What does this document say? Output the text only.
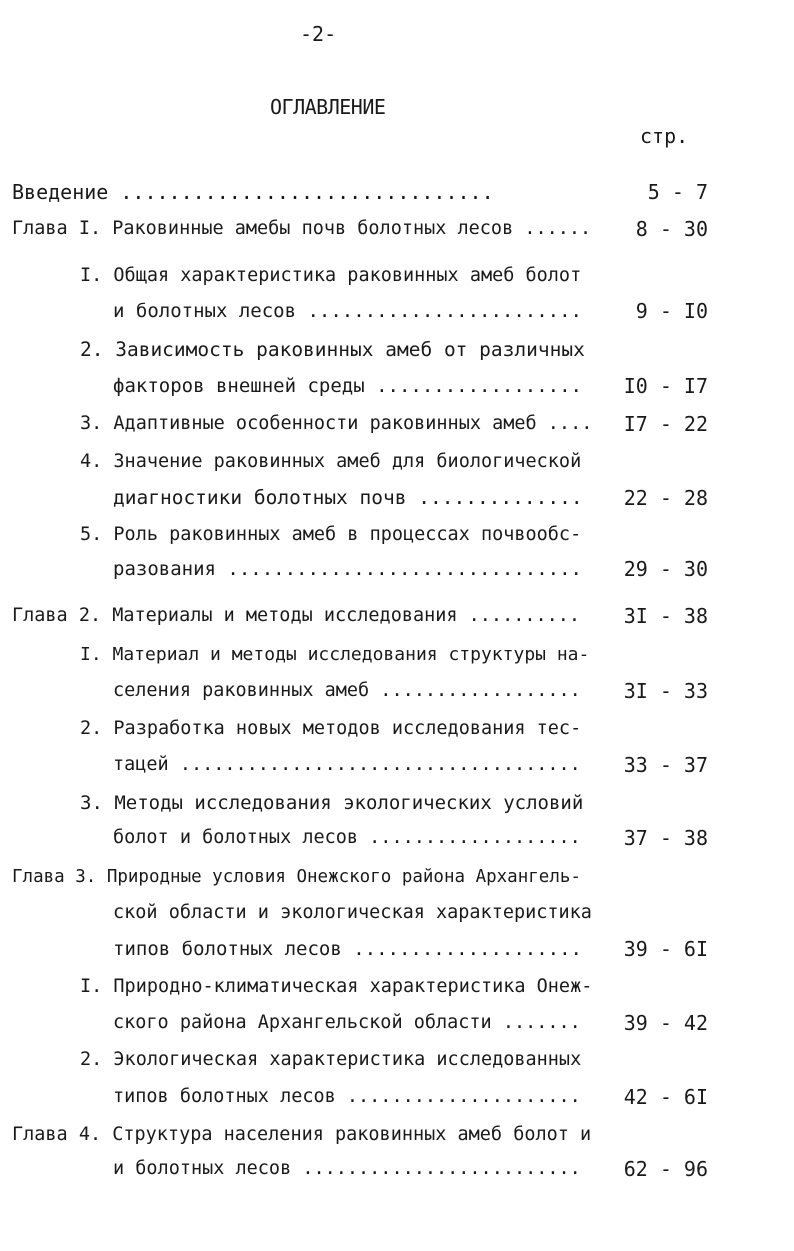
-2-
ОГЛАВЛЕНИЕ
стр.
Введение ...............................	5 - 7
Глава I. Раковинные амебы почв болотных лесов ......	8 - 30
I. Общая характеристика раковинных амеб болот
и болотных лесов ........................	9 - I0
2. Зависимость раковинных амеб от различных
факторов внешней среды ..................	I0 - I7
3. Адаптивные особенности раковинных амеб ....	I7 - 22
4. Значение раковинных амеб для биологической
диагностики болотных почв ..............	22 - 28
5. Роль раковинных амеб в процессах почвообс-
разования ...............................	29 - 30
Глава 2. Материалы и методы исследования ..........	3I - 38
I. Материал и методы исследования структуры на-
селения раковинных амеб ..................	3I - 33
2. Разработка новых методов исследования тес-
тацей ....................................	33 - 37
3. Методы исследования экологических условий
болот и болотных лесов ...................	37 - 38
Глава 3. Природные условия Онежского района Архангель-
ской области и экологическая характеристика
типов болотных лесов ....................	39 - 6I
I. Природно-климатическая характеристика Онеж-
ского района Архангельской области .......	39 - 42
2. Экологическая характеристика исследованных
типов болотных лесов .....................	42 - 6I
Глава 4. Структура населения раковинных амеб болот и
и болотных лесов .........................	62 - 96
